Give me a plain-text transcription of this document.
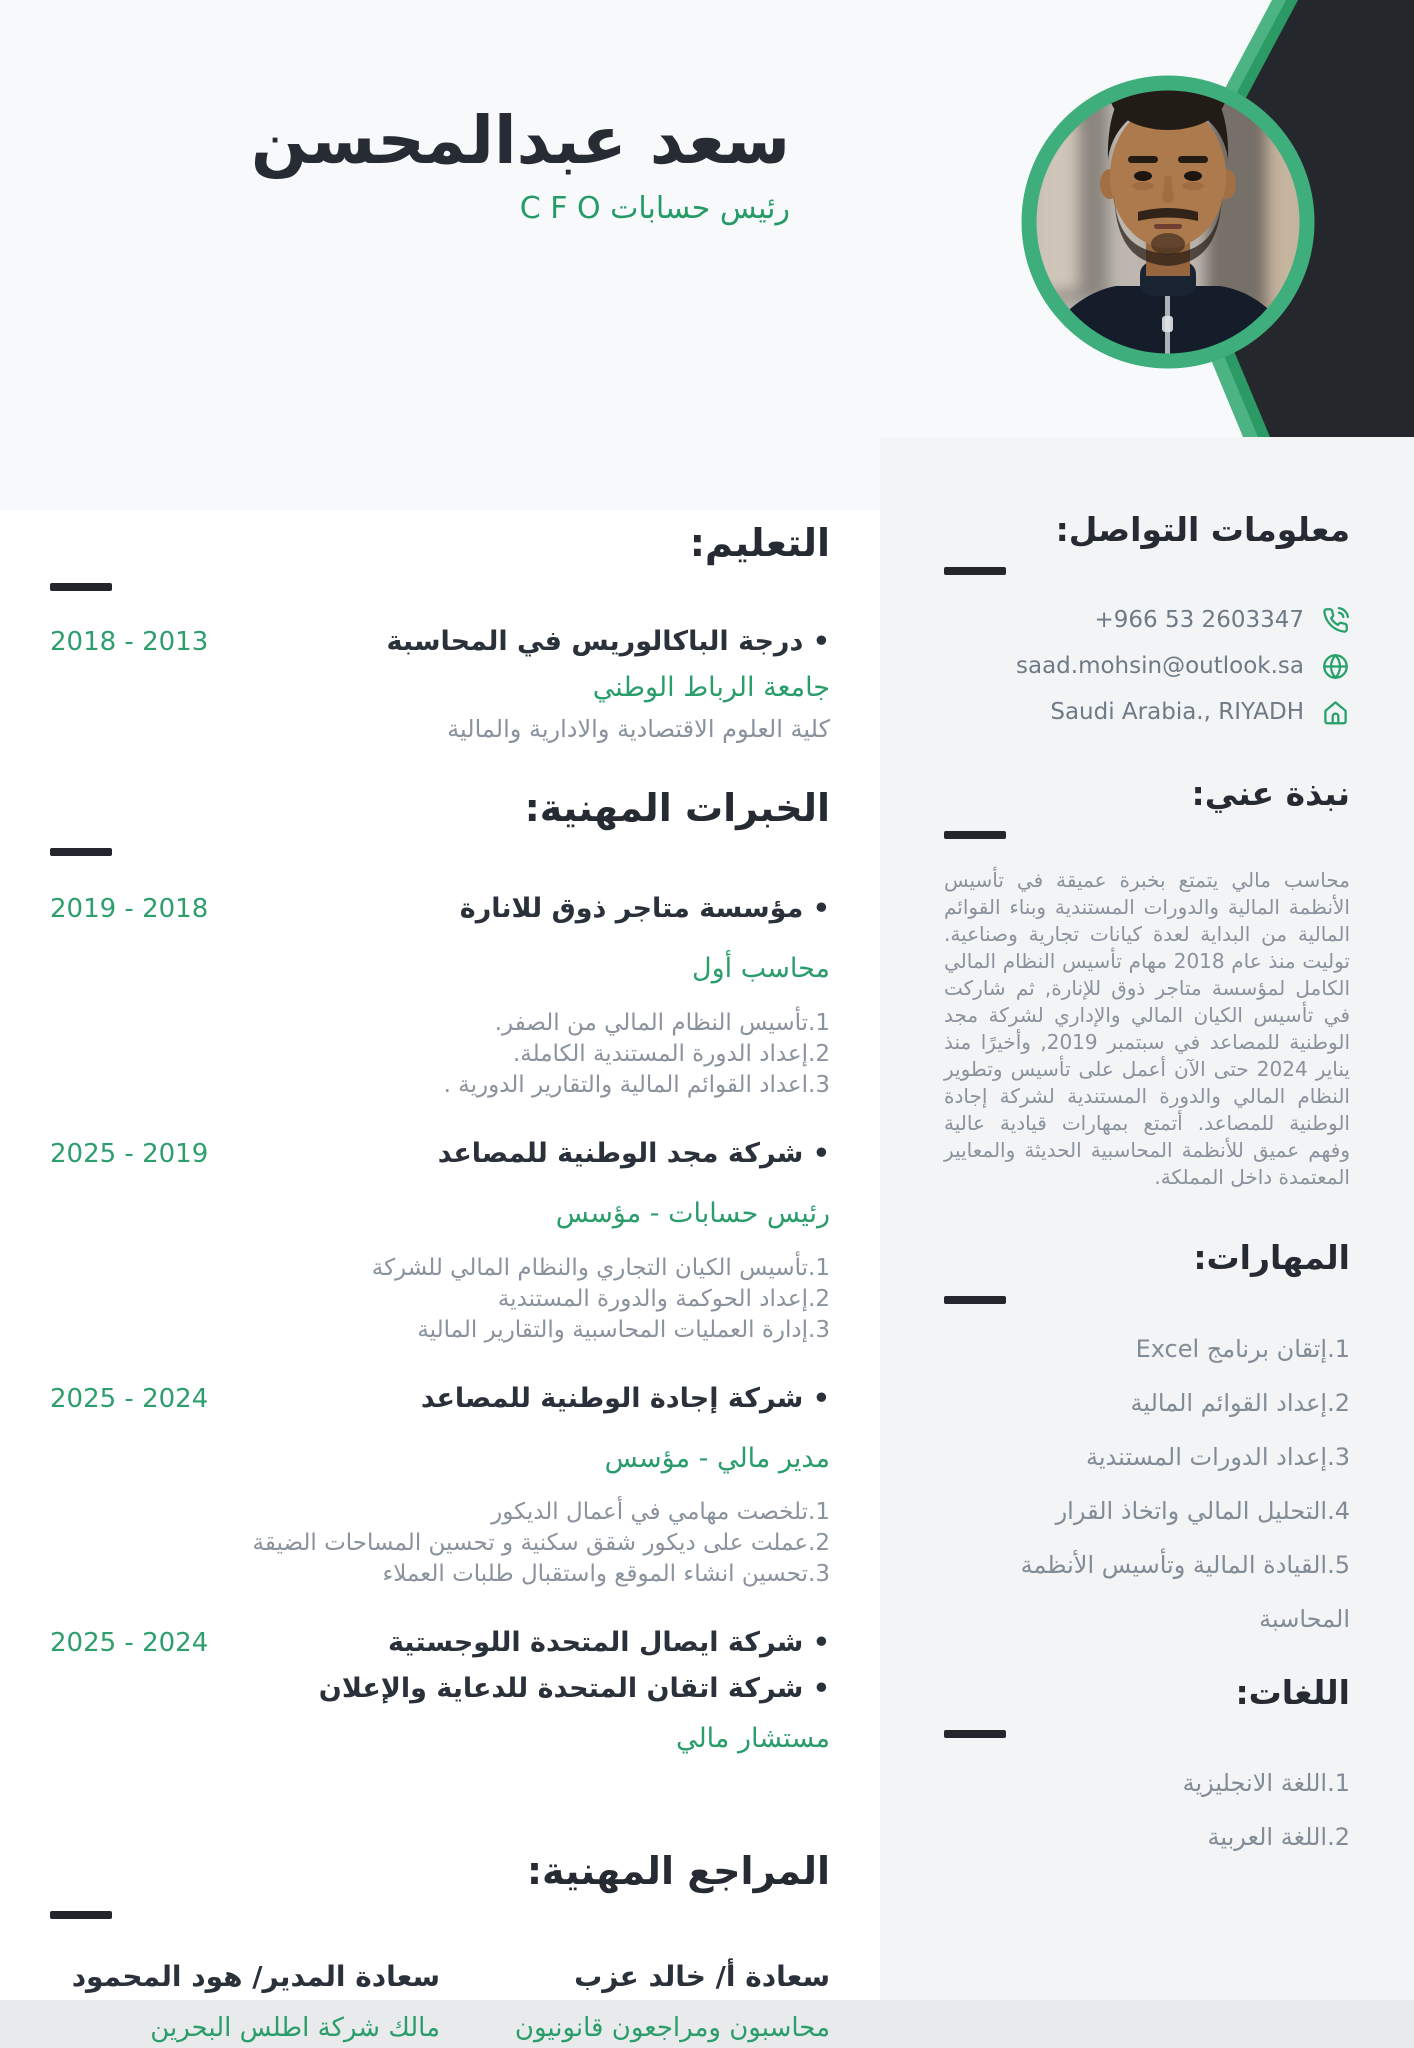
معلومات التواصل:
+966 53 2603347
saad.mohsin@outlook.sa
Saudi Arabia., RIYADH
نبذة عني:

محاسب مالي يتمتع بخبرة عميقة في تأسيس الأنظمة المالية والدورات المستندية وبناء القوائم المالية من البداية لعدة كيانات تجارية وصناعية. توليت منذ عام 2018 مهام تأسيس النظام المالي الكامل لمؤسسة متاجر ذوق للإنارة, ثم شاركت في تأسيس الكيان المالي والإداري لشركة مجد الوطنية للمصاعد في سبتمبر 2019, وأخيرًا منذ يناير 2024 حتى الآن أعمل على تأسيس وتطوير النظام المالي والدورة المستندية لشركة إجادة الوطنية للمصاعد. أتمتع بمهارات قيادية عالية وفهم عميق للأنظمة المحاسبية الحديثة والمعايير المعتمدة داخل المملكة.

المهارات:
1.إتقان برنامج Excel
2.إعداد القوائم المالية
3.إعداد الدورات المستندية
4.التحليل المالي واتخاذ القرار
5.القيادة المالية وتأسيس الأنظمة
المحاسبة
اللغات:
1.اللغة الانجليزية
2.اللغة العربية
التعليم:
• درجة الباكالوريس في المحاسبة
2013 - 2018
جامعة الرباط الوطني
كلية العلوم الاقتصادية والادارية والمالية
الخبرات المهنية:
• مؤسسة متاجر ذوق للانارة
2018 - 2019
محاسب أول
1.تأسيس النظام المالي من الصفر.
2.إعداد الدورة المستندية الكاملة.
3.اعداد القوائم المالية والتقارير الدورية .
• شركة مجد الوطنية للمصاعد
2019 - 2025
رئيس حسابات - مؤسس
1.تأسيس الكيان التجاري والنظام المالي للشركة
2.إعداد الحوكمة والدورة المستندية
3.إدارة العمليات المحاسبية والتقارير المالية
• شركة إجادة الوطنية للمصاعد
2024 - 2025
مدير مالي - مؤسس
1.تلخصت مهامي في أعمال الديكور
2.عملت على ديكور شقق سكنية و تحسين المساحات الضيقة
3.تحسين انشاء الموقع واستقبال طلبات العملاء
• شركة ايصال المتحدة اللوجستية
• شركة اتقان المتحدة للدعاية والإعلان
2024 - 2025
مستشار مالي
المراجع المهنية:
سعادة أ/ خالد عزب
محاسبون ومراجعون قانونيون
سعادة المدير/ هود المحمود
مالك شركة اطلس البحرين
سعد عبدالمحسن
رئيس حسابات C F O
